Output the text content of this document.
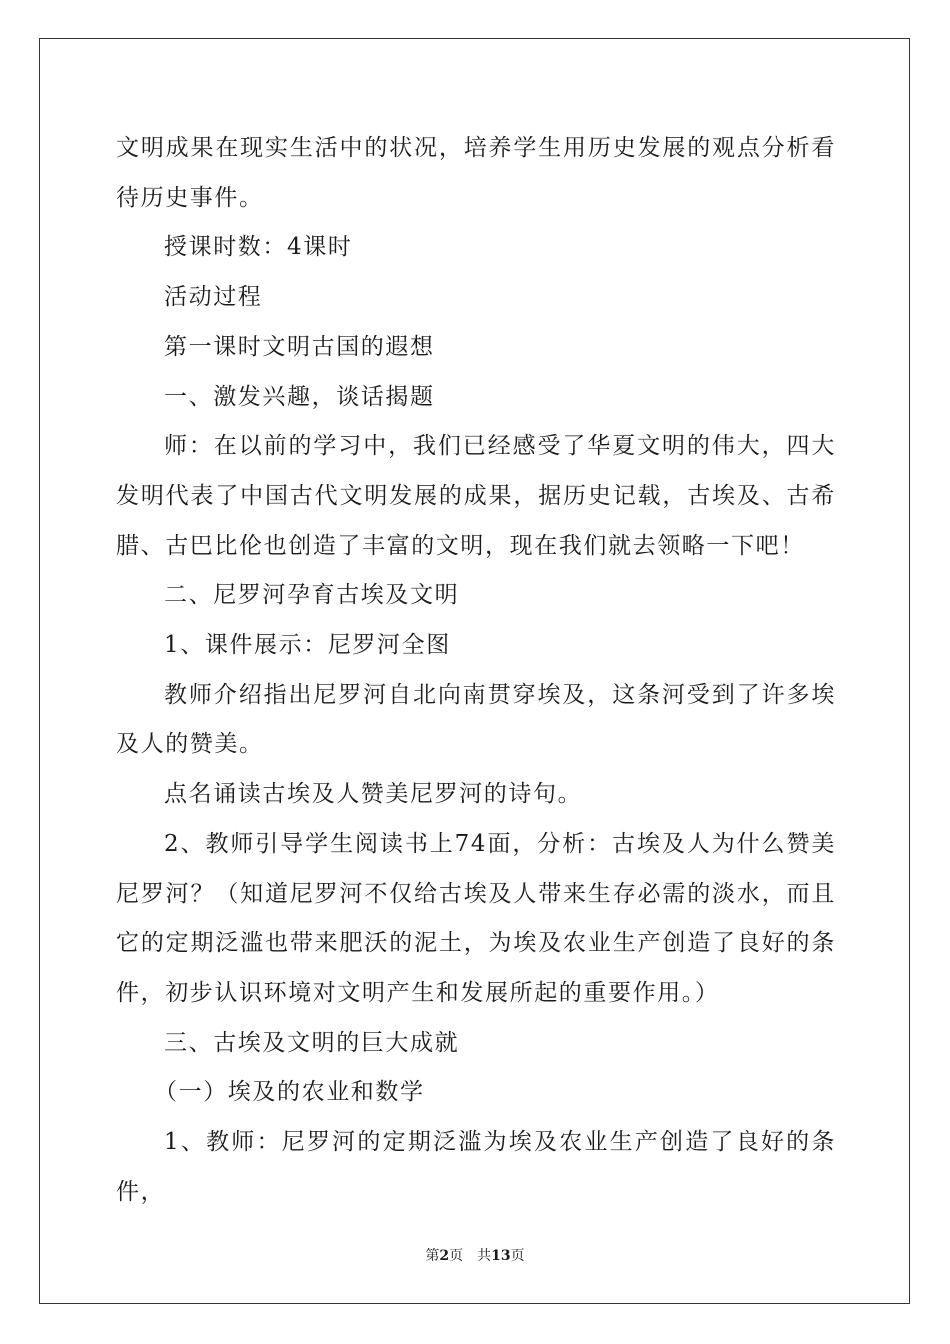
文明成果在现实生活中的状况，培养学生用历史发展的观点分析看待历史事件。

授课时数：4课时

活动过程

第一课时文明古国的遐想

一、激发兴趣，谈话揭题

师：在以前的学习中，我们已经感受了华夏文明的伟大，四大发明代表了中国古代文明发展的成果，据历史记载，古埃及、古希腊、古巴比伦也创造了丰富的文明，现在我们就去领略一下吧！

二、尼罗河孕育古埃及文明

1、课件展示：尼罗河全图

教师介绍指出尼罗河自北向南贯穿埃及，这条河受到了许多埃及人的赞美。

点名诵读古埃及人赞美尼罗河的诗句。

2、教师引导学生阅读书上74面，分析：古埃及人为什么赞美尼罗河？（知道尼罗河不仅给古埃及人带来生存必需的淡水，而且它的定期泛滥也带来肥沃的泥土，为埃及农业生产创造了良好的条件，初步认识环境对文明产生和发展所起的重要作用。）

三、古埃及文明的巨大成就

（一）埃及的农业和数学

1、教师：尼罗河的定期泛滥为埃及农业生产创造了良好的条件，

第2页 共13页
